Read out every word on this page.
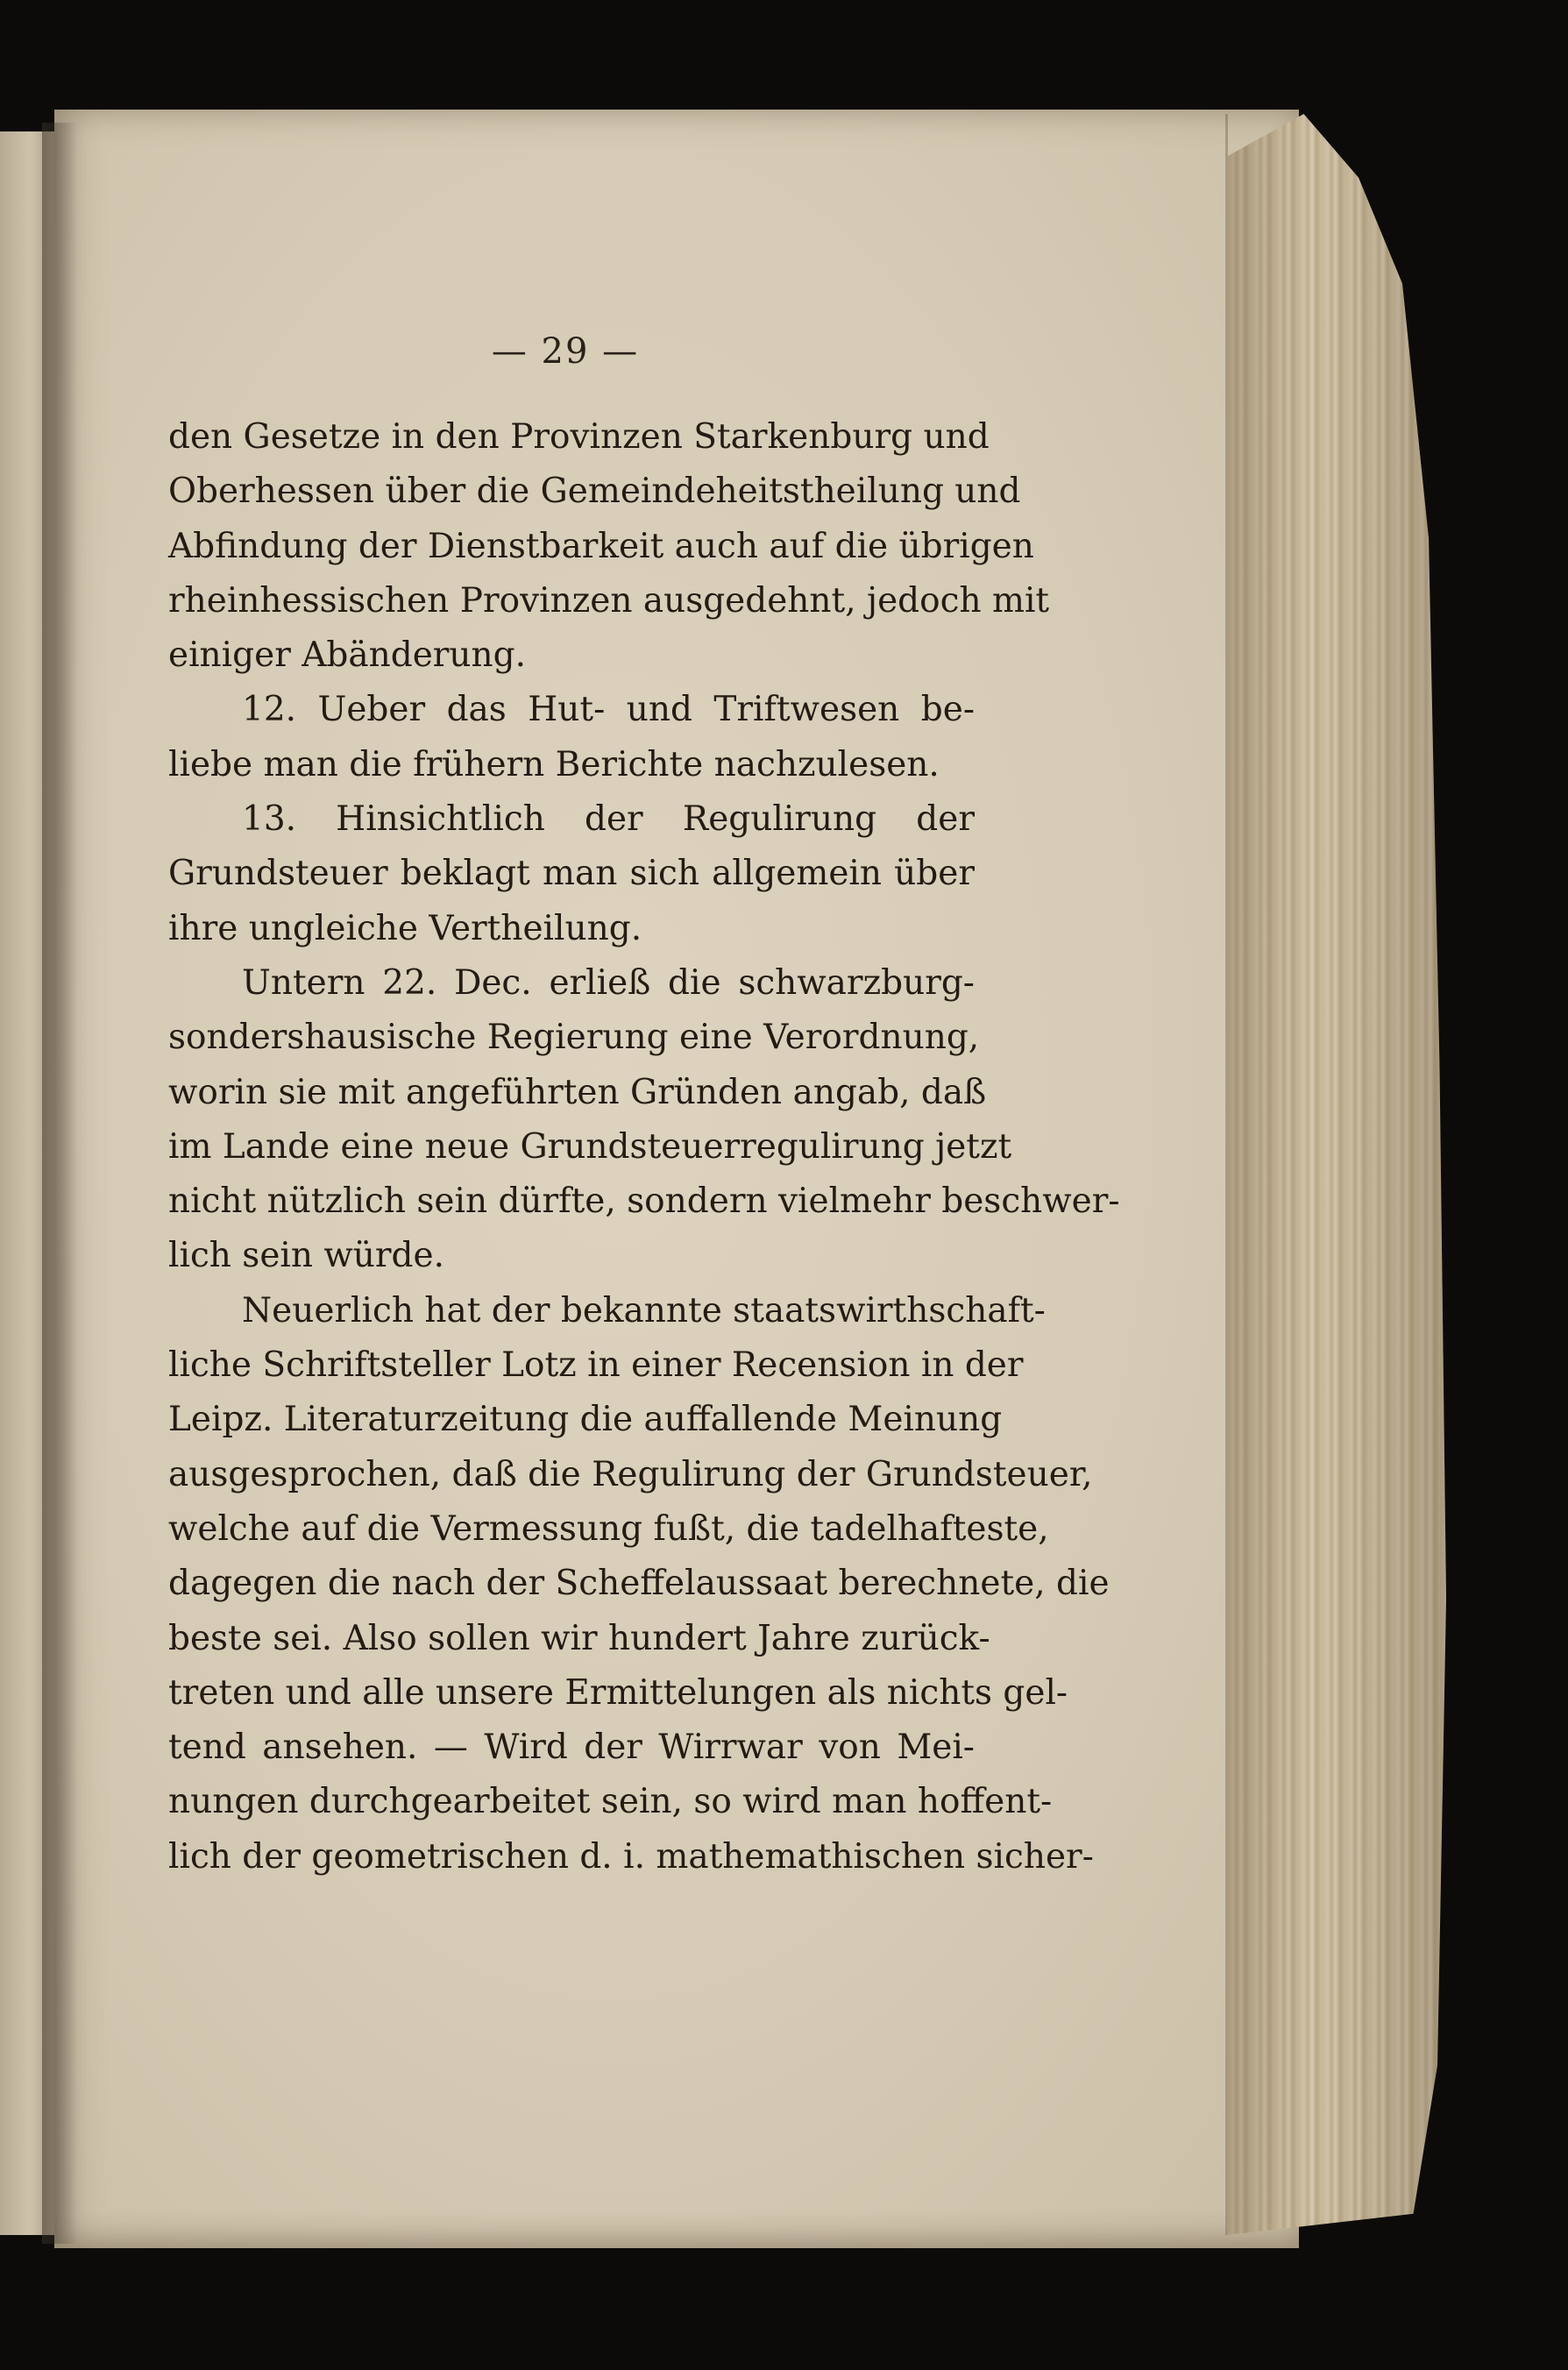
— 29 —
den Gesetze in den Provinzen Starkenburg und
Oberhessen über die Gemeindeheitstheilung und
Abfindung der Dienstbarkeit auch auf die übrigen
rheinhessischen Provinzen ausgedehnt, jedoch mit
einiger Abänderung.
12. Ueber das Hut- und Triftwesen be-
liebe man die frühern Berichte nachzulesen.
13. Hinsichtlich der Regulirung der
Grundsteuer beklagt man sich allgemein über
ihre ungleiche Vertheilung.
Untern 22. Dec. erließ die schwarzburg-
sondershausische Regierung eine Verordnung,
worin sie mit angeführten Gründen angab, daß
im Lande eine neue Grundsteuerregulirung jetzt
nicht nützlich sein dürfte, sondern vielmehr beschwer-
lich sein würde.
Neuerlich hat der bekannte staatswirthschaft-
liche Schriftsteller Lotz in einer Recension in der
Leipz. Literaturzeitung die auffallende Meinung
ausgesprochen, daß die Regulirung der Grundsteuer,
welche auf die Vermessung fußt, die tadelhafteste,
dagegen die nach der Scheffelaussaat berechnete, die
beste sei. Also sollen wir hundert Jahre zurück-
treten und alle unsere Ermittelungen als nichts gel-
tend ansehen. — Wird der Wirrwar von Mei-
nungen durchgearbeitet sein, so wird man hoffent-
lich der geometrischen d. i. mathemathischen sicher-
